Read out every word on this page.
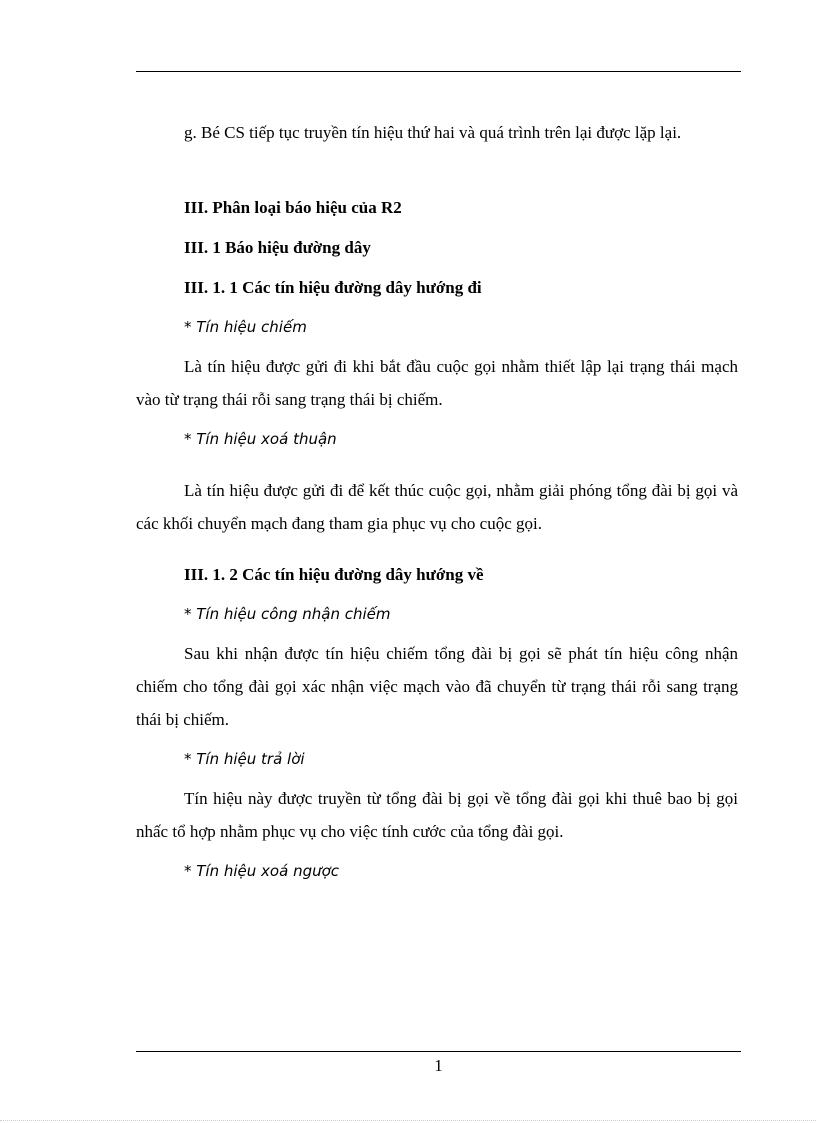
g. Bé CS tiếp tục truyền tín hiệu thứ hai và quá trình trên lại được lặp lại.
III. Phân loại báo hiệu của R2
III. 1 Báo hiệu đường dây
III. 1. 1 Các tín hiệu đường dây hướng đi
* Tín hiệu chiếm
Là tín hiệu được gửi đi khi bắt đầu cuộc gọi nhằm thiết lập lại trạng thái mạch vào từ trạng thái rỗi sang trạng thái bị chiếm.
* Tín hiệu xoá thuận
Là tín hiệu được gửi đi để kết thúc cuộc gọi, nhằm giải phóng tổng đài bị gọi và các khối chuyển mạch đang tham gia phục vụ cho cuộc gọi.
III. 1. 2 Các tín hiệu đường dây hướng về
* Tín hiệu công nhận chiếm
Sau khi nhận được tín hiệu chiếm tổng đài bị gọi sẽ phát tín hiệu công nhận chiếm cho tổng đài gọi xác nhận việc mạch vào đã chuyển từ trạng thái rỗi sang trạng thái bị chiếm.
* Tín hiệu trả lời
Tín hiệu này được truyền từ tổng đài bị gọi về tổng đài gọi khi thuê bao bị gọi nhấc tổ hợp nhằm phục vụ cho việc tính cước của tổng đài gọi.
* Tín hiệu xoá ngược
1
